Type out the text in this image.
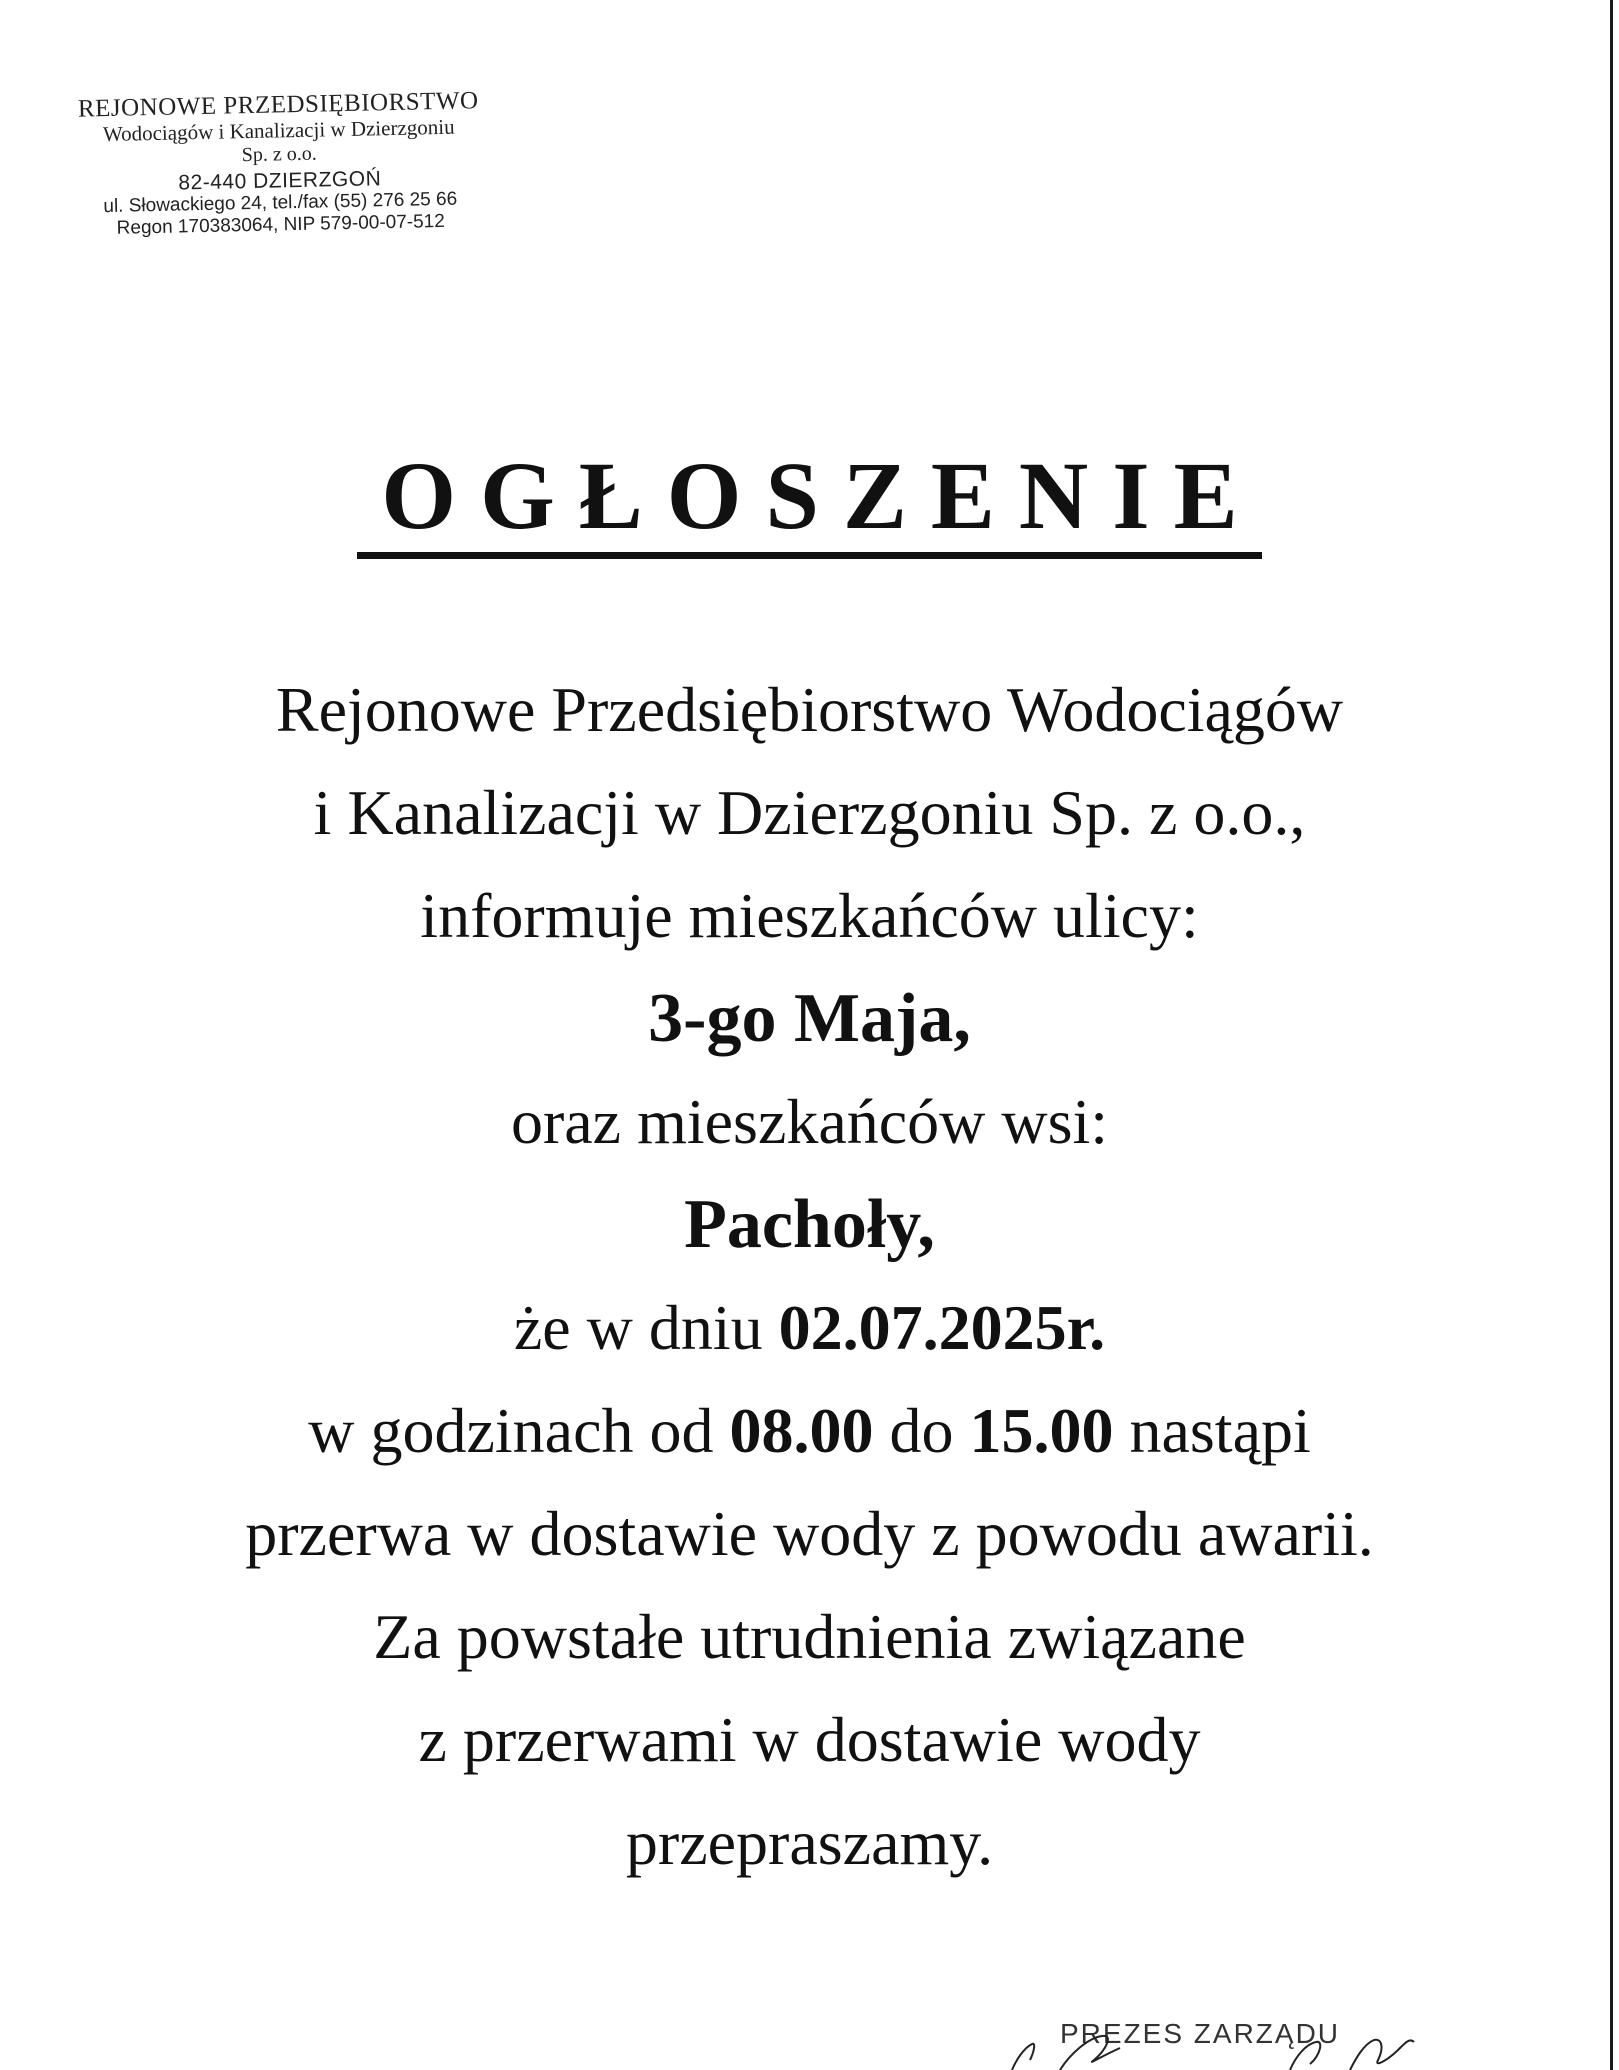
REJONOWE PRZEDSIĘBIORSTWO
Wodociągów i Kanalizacji w Dzierzgoniu
Sp. z o.o.
82-440 DZIERZGOŃ
ul. Słowackiego 24, tel./fax (55) 276 25 66
Regon 170383064, NIP 579-00-07-512
OGŁOSZENIE
Rejonowe Przedsiębiorstwo Wodociągów
i Kanalizacji w Dzierzgoniu Sp. z o.o.,
informuje mieszkańców ulicy:
3-go Maja,
oraz mieszkańców wsi:
Pachoły,
że w dniu 02.07.2025r.
w godzinach od 08.00 do 15.00 nastąpi
przerwa w dostawie wody z powodu awarii.
Za powstałe utrudnienia związane
z przerwami w dostawie wody
przepraszamy.
PREZES ZARZĄDU
